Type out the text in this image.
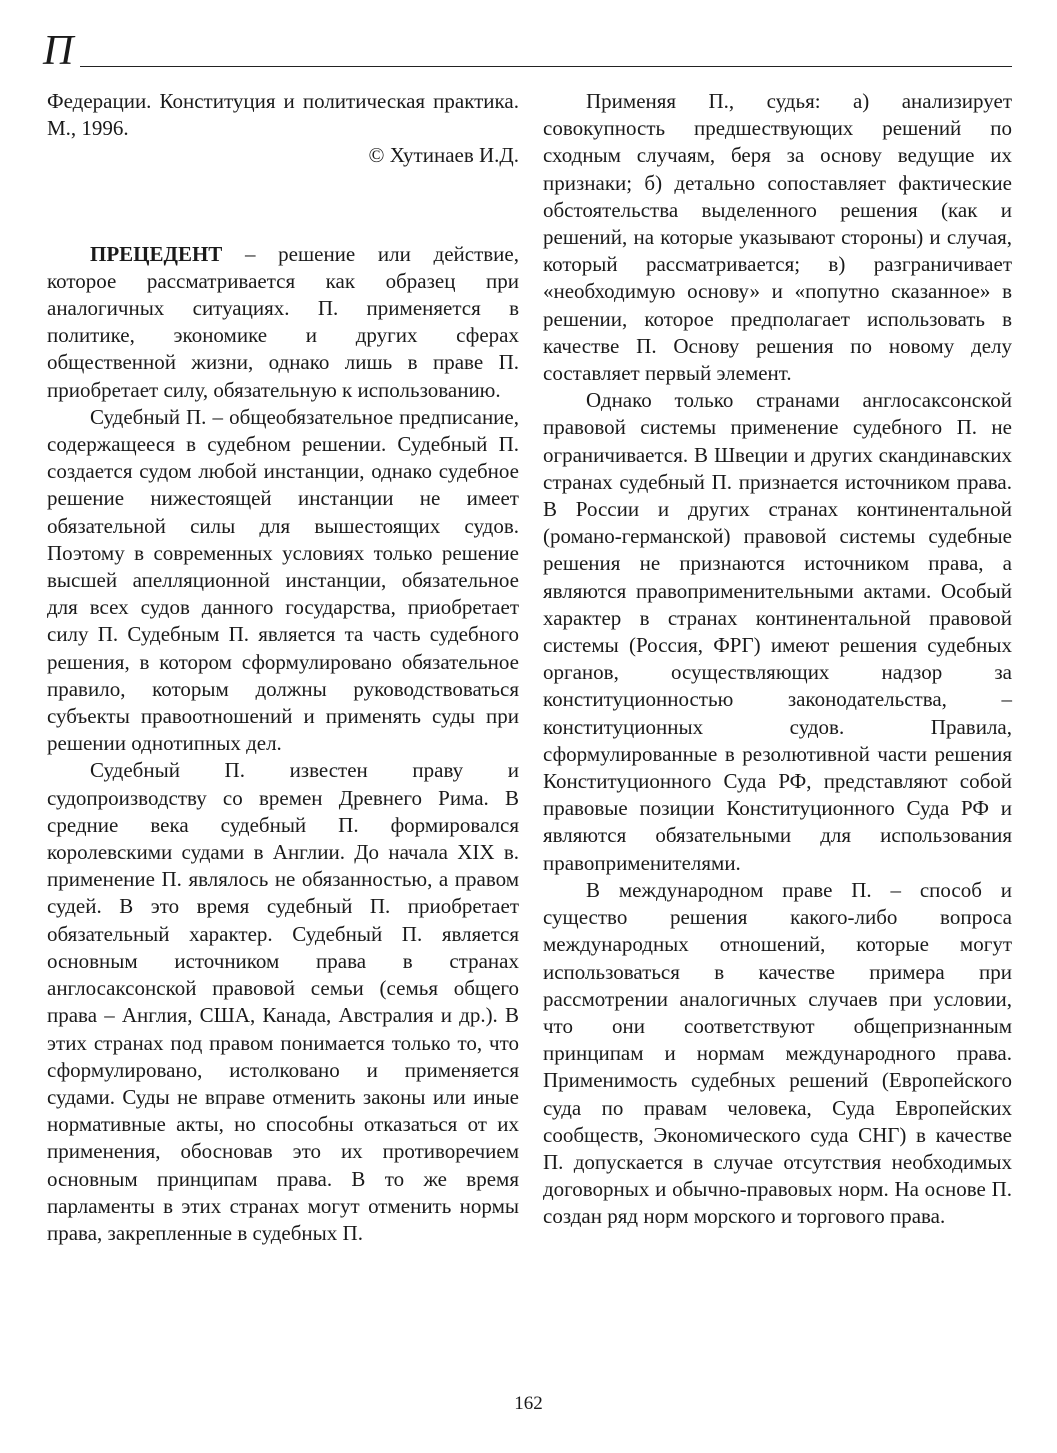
П

Федерации. Конституция и политическая практика. М., 1996.

© Хутинаев И.Д.

ПРЕЦЕДЕНТ – решение или действие, которое рассматривается как образец при аналогичных ситуациях. П. применяется в политике, экономике и других сферах общественной жизни, однако лишь в праве П. приобретает силу, обязательную к использованию.

Судебный П. – общеобязательное предписание, содержащееся в судебном решении. Судебный П. создается судом любой инстанции, однако судебное решение нижестоящей инстанции не имеет обязательной силы для вышестоящих судов. Поэтому в современных условиях только решение высшей апелляционной инстанции, обязательное для всех судов данного государства, приобретает силу П. Судебным П. является та часть судебного решения, в котором сформулировано обязательное правило, которым должны руководствоваться субъекты правоотношений и применять суды при решении однотипных дел.

Судебный П. известен праву и судопроизводству со времен Древнего Рима. В средние века судебный П. формировался королевскими судами в Англии. До начала XIX в. применение П. являлось не обязанностью, а правом судей. В это время судебный П. приобретает обязательный характер. Судебный П. является основным источником права в странах англосаксонской правовой семьи (семья общего права – Англия, США, Канада, Австралия и др.). В этих странах под правом понимается только то, что сформулировано, истолковано и применяется судами. Суды не вправе отменить законы или иные нормативные акты, но способны отказаться от их применения, обосновав это их противоречием основным принципам права. В то же время парламенты в этих странах могут отменить нормы права, закрепленные в судебных П.

Применяя П., судья: а) анализирует совокупность предшествующих решений по сходным случаям, беря за основу ведущие их признаки; б) детально сопоставляет фактические обстоятельства выделенного решения (как и решений, на которые указывают стороны) и случая, который рассматривается; в) разграничивает «необходимую основу» и «попутно сказанное» в решении, которое предполагает использовать в качестве П. Основу решения по новому делу составляет первый элемент.

Однако только странами англосаксонской правовой системы применение судебного П. не ограничивается. В Швеции и других скандинавских странах судебный П. признается источником права. В России и других странах континентальной (романо-германской) правовой системы судебные решения не признаются источником права, а являются правоприменительными актами. Особый характер в странах континентальной правовой системы (Россия, ФРГ) имеют решения судебных органов, осуществляющих надзор за конституционностью законодательства, – конституционных судов. Правила, сформулированные в резолютивной части решения Конституционного Суда РФ, представляют собой правовые позиции Конституционного Суда РФ и являются обязательными для использования правоприменителями.

В международном праве П. – способ и существо решения какого-либо вопроса международных отношений, которые могут использоваться в качестве примера при рассмотрении аналогичных случаев при условии, что они соответствуют общепризнанным принципам и нормам международного права. Применимость судебных решений (Европейского суда по правам человека, Суда Европейских сообществ, Экономического суда СНГ) в качестве П. допускается в случае отсутствия необходимых договорных и обычно-правовых норм. На основе П. создан ряд норм морского и торгового права.

162
